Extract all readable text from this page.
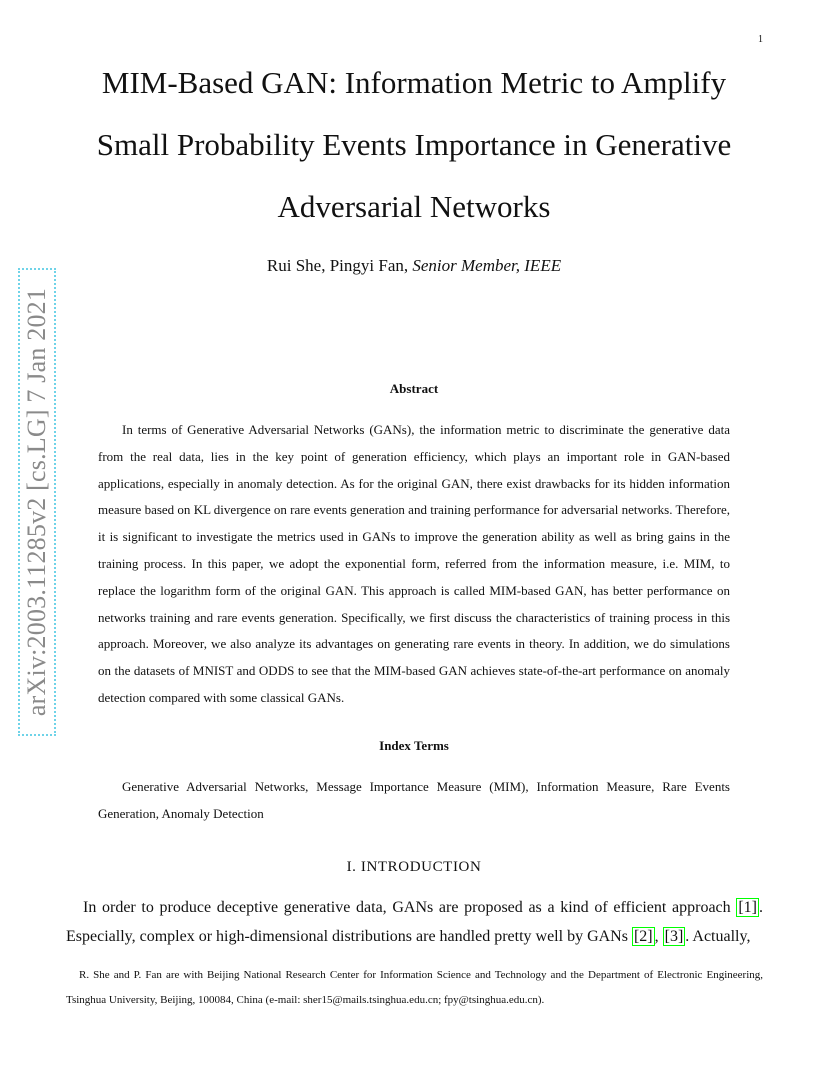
1
arXiv:2003.11285v2 [cs.LG] 7 Jan 2021
MIM-Based GAN: Information Metric to Amplify Small Probability Events Importance in Generative Adversarial Networks
Rui She, Pingyi Fan, Senior Member, IEEE
Abstract

In terms of Generative Adversarial Networks (GANs), the information metric to discriminate the generative data from the real data, lies in the key point of generation efficiency, which plays an important role in GAN-based applications, especially in anomaly detection. As for the original GAN, there exist drawbacks for its hidden information measure based on KL divergence on rare events generation and training performance for adversarial networks. Therefore, it is significant to investigate the metrics used in GANs to improve the generation ability as well as bring gains in the training process. In this paper, we adopt the exponential form, referred from the information measure, i.e. MIM, to replace the logarithm form of the original GAN. This approach is called MIM-based GAN, has better performance on networks training and rare events generation. Specifically, we first discuss the characteristics of training process in this approach. Moreover, we also analyze its advantages on generating rare events in theory. In addition, we do simulations on the datasets of MNIST and ODDS to see that the MIM-based GAN achieves state-of-the-art performance on anomaly detection compared with some classical GANs.

Index Terms

Generative Adversarial Networks, Message Importance Measure (MIM), Information Measure, Rare Events Generation, Anomaly Detection

I. INTRODUCTION

In order to produce deceptive generative data, GANs are proposed as a kind of efficient approach [1] . Especially, complex or high-dimensional distributions are handled pretty well by GANs [2] , [3] . Actually,

R. She and P. Fan are with Beijing National Research Center for Information Science and Technology and the Department of Electronic Engineering, Tsinghua University, Beijing, 100084, China (e-mail: sher15@mails.tsinghua.edu.cn; fpy@tsinghua.edu.cn).
